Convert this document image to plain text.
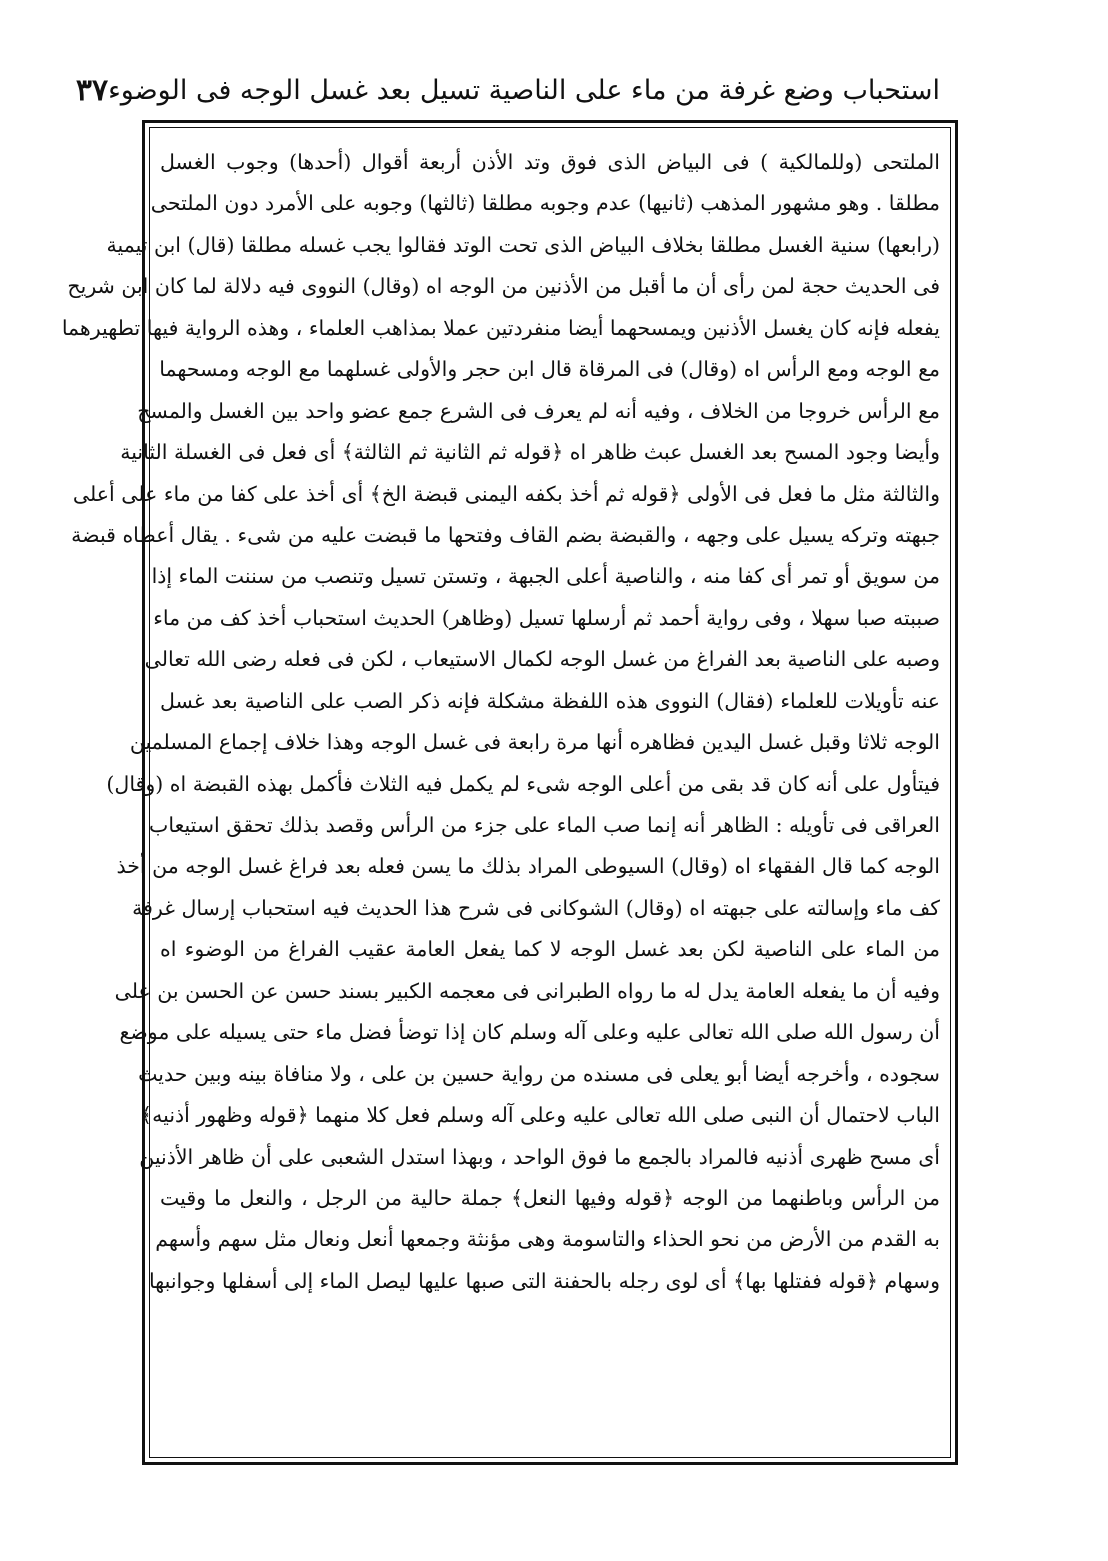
استحباب وضع غرفة من ماء على الناصية تسيل بعد غسل الوجه فى الوضوء
٣٧
الملتحى (وللمالكية ) فى البياض الذى فوق وتد الأذن أربعة أقوال (أحدها) وجوب الغسل
مطلقا . وهو مشهور المذهب (ثانيها) عدم وجوبه مطلقا (ثالثها) وجوبه على الأمرد دون الملتحى
(رابعها) سنية الغسل مطلقا بخلاف البياض الذى تحت الوتد فقالوا يجب غسله مطلقا (قال) ابن تيمية
فى الحديث حجة لمن رأى أن ما أقبل من الأذنين من الوجه اه (وقال) النووى فيه دلالة لما كان ابن شريح
يفعله فإنه كان يغسل الأذنين ويمسحهما أيضا منفردتين عملا بمذاهب العلماء ، وهذه الرواية فيها تطهيرهما
مع الوجه ومع الرأس اه (وقال) فى المرقاة قال ابن حجر والأولى غسلهما مع الوجه ومسحهما
مع الرأس خروجا من الخلاف ، وفيه أنه لم يعرف فى الشرع جمع عضو واحد بين الغسل والمسح
وأيضا وجود المسح بعد الغسل عبث ظاهر اه ﴿قوله ثم الثانية ثم الثالثة﴾ أى فعل فى الغسلة الثانية
والثالثة مثل ما فعل فى الأولى ﴿قوله ثم أخذ بكفه اليمنى قبضة الخ﴾ أى أخذ على كفا من ماء على أعلى
جبهته وتركه يسيل على وجهه ، والقبضة بضم القاف وفتحها ما قبضت عليه من شىء . يقال أعطاه قبضة
من سويق أو تمر أى كفا منه ، والناصية أعلى الجبهة ، وتستن تسيل وتنصب من سننت الماء إذا
صببته صبا سهلا ، وفى رواية أحمد ثم أرسلها تسيل (وظاهر) الحديث استحباب أخذ كف من ماء
وصبه على الناصية بعد الفراغ من غسل الوجه لكمال الاستيعاب ، لكن فى فعله رضى الله تعالى
عنه تأويلات للعلماء (فقال) النووى هذه اللفظة مشكلة فإنه ذكر الصب على الناصية بعد غسل
الوجه ثلاثا وقبل غسل اليدين فظاهره أنها مرة رابعة فى غسل الوجه وهذا خلاف إجماع المسلمين
فيتأول على أنه كان قد بقى من أعلى الوجه شىء لم يكمل فيه الثلاث فأكمل بهذه القبضة اه (وقال)
العراقى فى تأويله : الظاهر أنه إنما صب الماء على جزء من الرأس وقصد بذلك تحقق استيعاب
الوجه كما قال الفقهاء اه (وقال) السيوطى المراد بذلك ما يسن فعله بعد فراغ غسل الوجه من أخذ
كف ماء وإسالته على جبهته اه (وقال) الشوكانى فى شرح هذا الحديث فيه استحباب إرسال غرفة
من الماء على الناصية لكن بعد غسل الوجه لا كما يفعل العامة عقيب الفراغ من الوضوء اه
وفيه أن ما يفعله العامة يدل له ما رواه الطبرانى فى معجمه الكبير بسند حسن عن الحسن بن على
أن رسول الله صلى الله تعالى عليه وعلى آله وسلم كان إذا توضأ فضل ماء حتى يسيله على موضع
سجوده ، وأخرجه أيضا أبو يعلى فى مسنده من رواية حسين بن على ، ولا منافاة بينه وبين حديث
الباب لاحتمال أن النبى صلى الله تعالى عليه وعلى آله وسلم فعل كلا منهما ﴿قوله وظهور أذنيه﴾
أى مسح ظهرى أذنيه فالمراد بالجمع ما فوق الواحد ، وبهذا استدل الشعبى على أن ظاهر الأذنين
من الرأس وباطنهما من الوجه ﴿قوله وفيها النعل﴾ جملة حالية من الرجل ، والنعل ما وقيت
به القدم من الأرض من نحو الحذاء والتاسومة وهى مؤنثة وجمعها أنعل ونعال مثل سهم وأسهم
وسهام ﴿قوله ففتلها بها﴾ أى لوى رجله بالحفنة التى صبها عليها ليصل الماء إلى أسفلها وجوانبها
